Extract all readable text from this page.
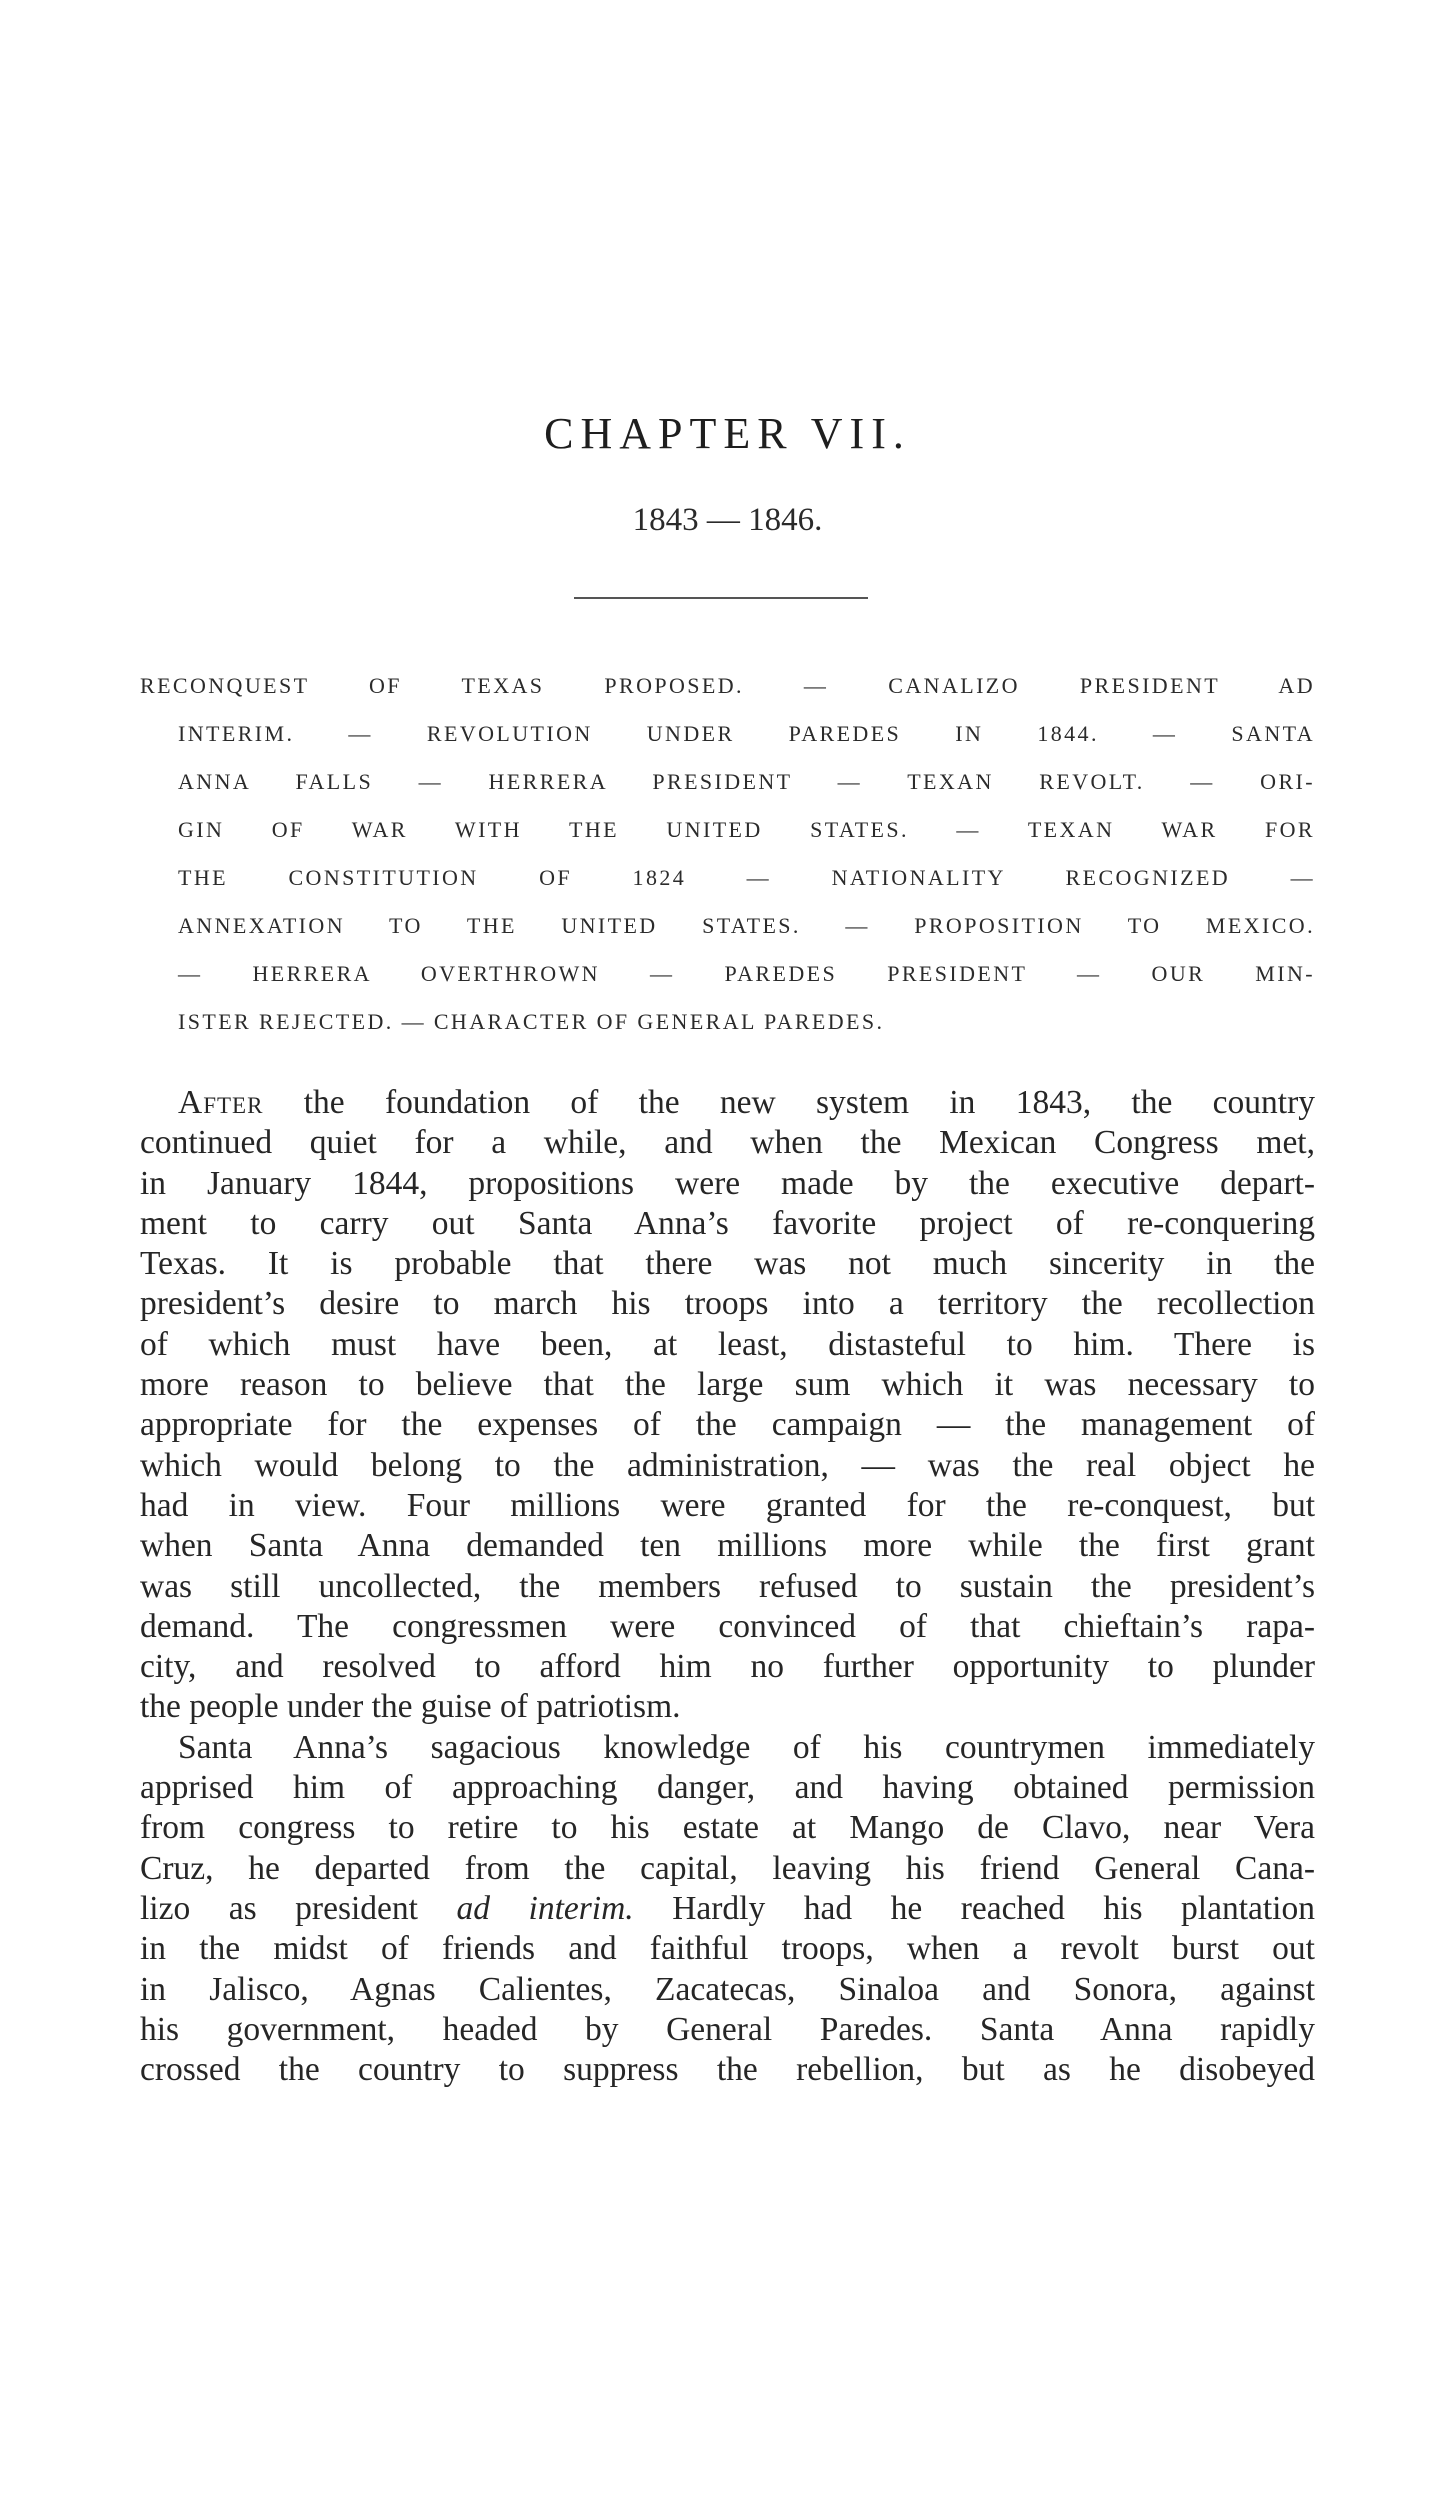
CHAPTER VII.
1843 — 1846.
RECONQUEST OF TEXAS PROPOSED. — CANALIZO PRESIDENT AD
INTERIM. — REVOLUTION UNDER PAREDES IN 1844. — SANTA
ANNA FALLS — HERRERA PRESIDENT — TEXAN REVOLT. — ORI-
GIN OF WAR WITH THE UNITED STATES. — TEXAN WAR FOR
THE CONSTITUTION OF 1824 — NATIONALITY RECOGNIZED —
ANNEXATION TO THE UNITED STATES. — PROPOSITION TO MEXICO.
— HERRERA OVERTHROWN — PAREDES PRESIDENT — OUR MIN-
ISTER REJECTED. — CHARACTER OF GENERAL PAREDES.
After the foundation of the new system in 1843, the country
continued quiet for a while, and when the Mexican Congress met,
in January 1844, propositions were made by the executive depart-
ment to carry out Santa Anna’s favorite project of re-conquering
Texas. It is probable that there was not much sincerity in the
president’s desire to march his troops into a territory the recollection
of which must have been, at least, distasteful to him. There is
more reason to believe that the large sum which it was necessary to
appropriate for the expenses of the campaign — the management of
which would belong to the administration, — was the real object he
had in view. Four millions were granted for the re-conquest, but
when Santa Anna demanded ten millions more while the first grant
was still uncollected, the members refused to sustain the president’s
demand. The congressmen were convinced of that chieftain’s rapa-
city, and resolved to afford him no further opportunity to plunder
the people under the guise of patriotism.
Santa Anna’s sagacious knowledge of his countrymen immediately
apprised him of approaching danger, and having obtained permission
from congress to retire to his estate at Mango de Clavo, near Vera
Cruz, he departed from the capital, leaving his friend General Cana-
lizo as president ad interim. Hardly had he reached his plantation
in the midst of friends and faithful troops, when a revolt burst out
in Jalisco, Agnas Calientes, Zacatecas, Sinaloa and Sonora, against
his government, headed by General Paredes. Santa Anna rapidly
crossed the country to suppress the rebellion, but as he disobeyed
